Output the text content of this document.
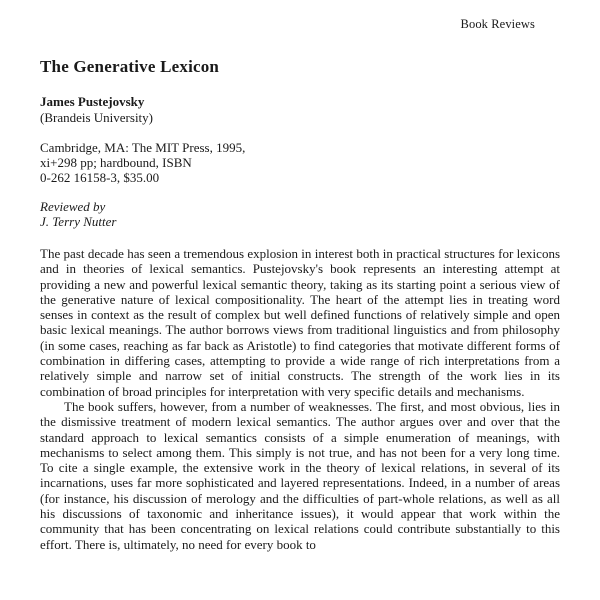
Book Reviews
The Generative Lexicon
James Pustejovsky
(Brandeis University)
Cambridge, MA: The MIT Press, 1995,
xi+298 pp; hardbound, ISBN
0-262 16158-3, $35.00
Reviewed by
J. Terry Nutter

The past decade has seen a tremendous explosion in interest both in practical structures for lexicons and in theories of lexical semantics. Pustejovsky's book represents an interesting attempt at providing a new and powerful lexical semantic theory, taking as its starting point a serious view of the generative nature of lexical compositionality. The heart of the attempt lies in treating word senses in context as the result of complex but well defined functions of relatively simple and open basic lexical meanings. The author borrows views from traditional linguistics and from philosophy (in some cases, reaching as far back as Aristotle) to find categories that motivate different forms of combination in differing cases, attempting to provide a wide range of rich interpretations from a relatively simple and narrow set of initial constructs. The strength of the work lies in its combination of broad principles for interpretation with very specific details and mechanisms.

The book suffers, however, from a number of weaknesses. The first, and most obvious, lies in the dismissive treatment of modern lexical semantics. The author argues over and over that the standard approach to lexical semantics consists of a simple enumeration of meanings, with mechanisms to select among them. This simply is not true, and has not been for a very long time. To cite a single example, the extensive work in the theory of lexical relations, in several of its incarnations, uses far more sophisticated and layered representations. Indeed, in a number of areas (for instance, his discussion of merology and the difficulties of part-whole relations, as well as all his discussions of taxonomic and inheritance issues), it would appear that work within the community that has been concentrating on lexical relations could contribute substantially to this effort. There is, ultimately, no need for every book to
